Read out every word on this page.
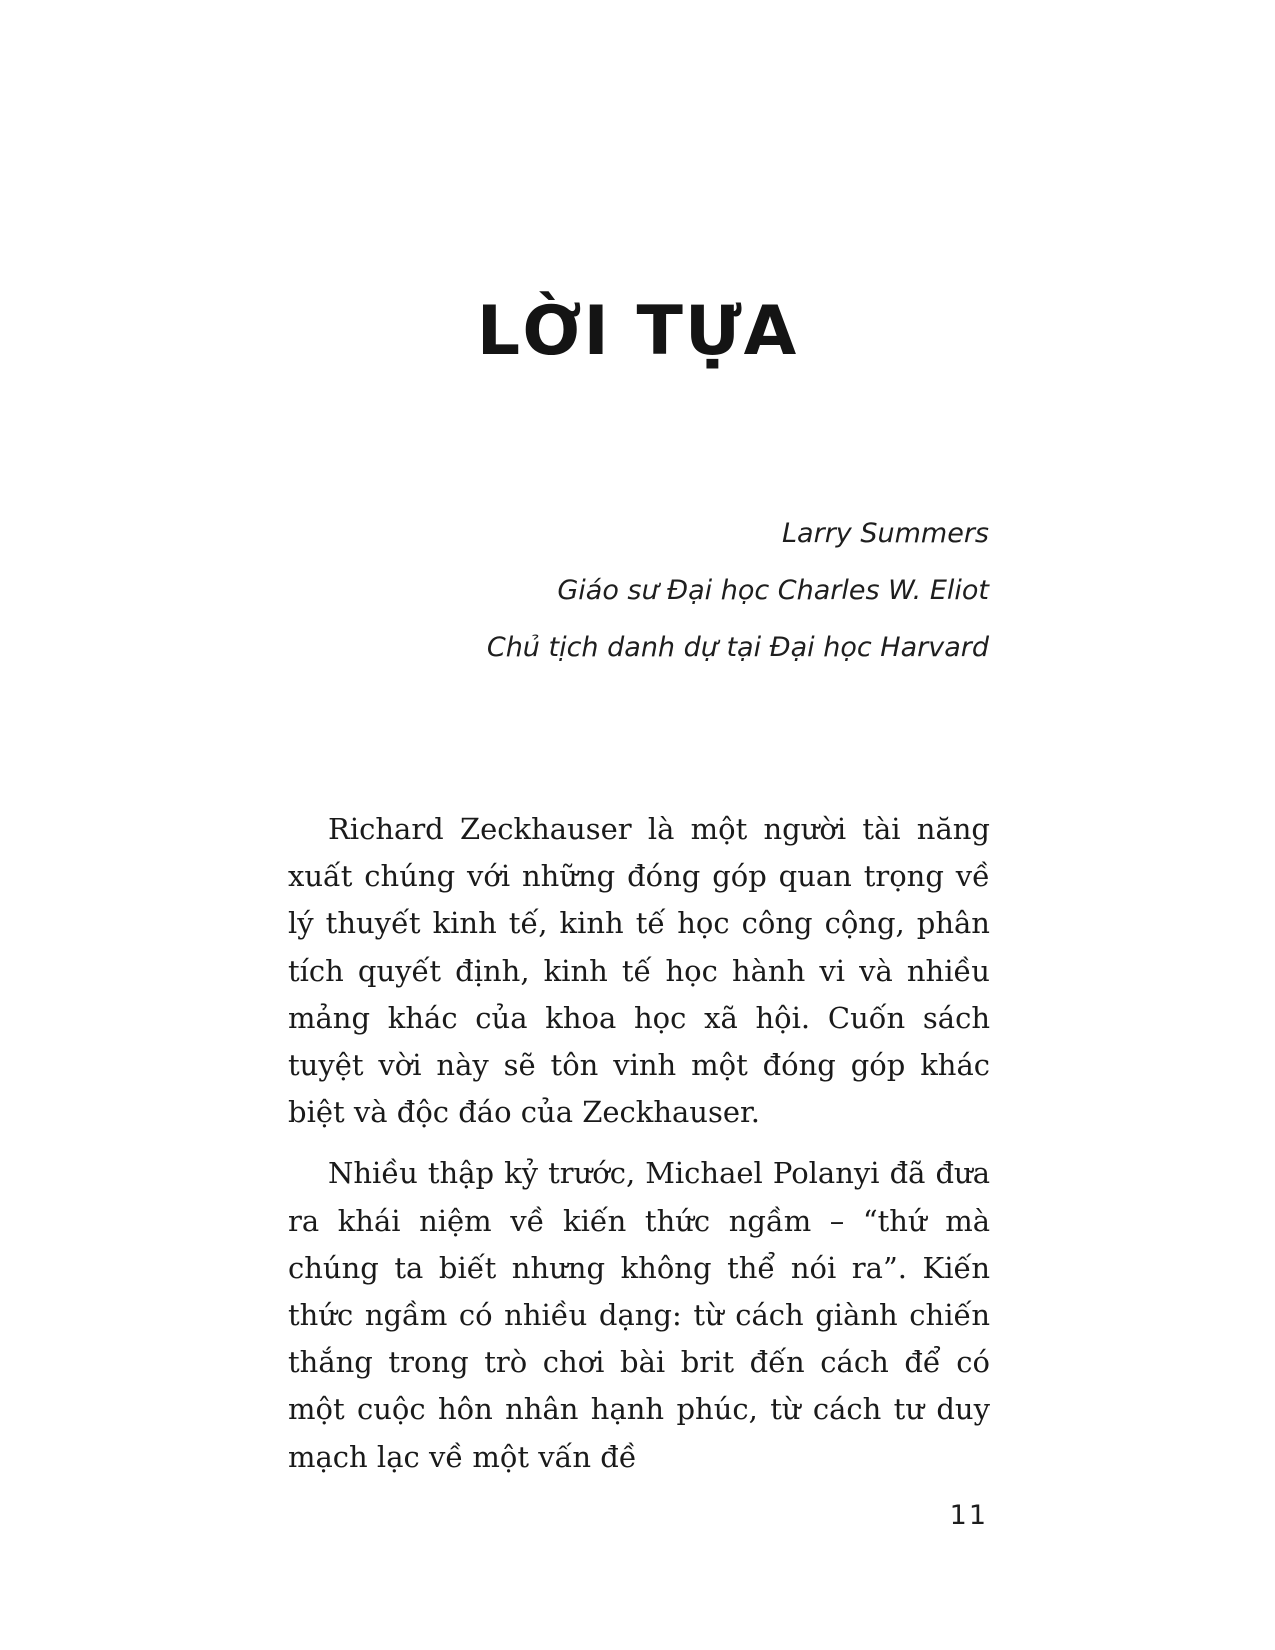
LỜI TỰA
Larry Summers
Giáo sư Đại học Charles W. Eliot
Chủ tịch danh dự tại Đại học Harvard

Richard Zeckhauser là một người tài năng xuất chúng với những đóng góp quan trọng về lý thuyết kinh tế, kinh tế học công cộng, phân tích quyết định, kinh tế học hành vi và nhiều mảng khác của khoa học xã hội. Cuốn sách tuyệt vời này sẽ tôn vinh một đóng góp khác biệt và độc đáo của Zeckhauser.

Nhiều thập kỷ trước, Michael Polanyi đã đưa ra khái niệm về kiến thức ngầm – “thứ mà chúng ta biết nhưng không thể nói ra”. Kiến thức ngầm có nhiều dạng: từ cách giành chiến thắng trong trò chơi bài brit đến cách để có một cuộc hôn nhân hạnh phúc, từ cách tư duy mạch lạc về một vấn đề

11
